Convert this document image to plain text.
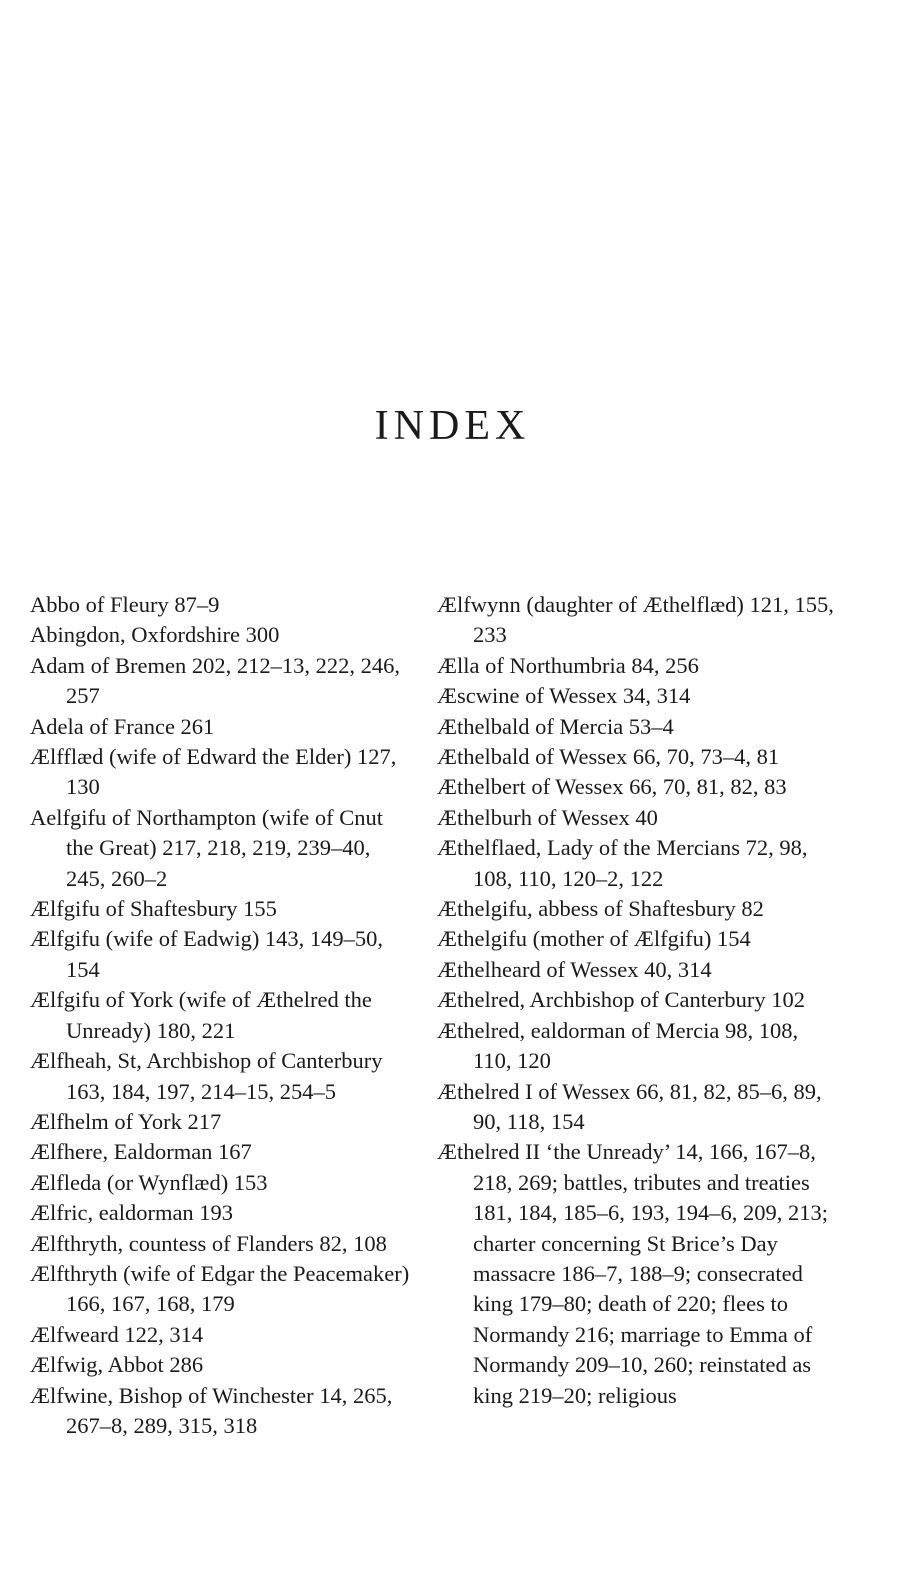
INDEX
Abbo of Fleury 87–9
Abingdon, Oxfordshire 300
Adam of Bremen 202, 212–13, 222, 246, 257
Adela of France 261
Ælfflæd (wife of Edward the Elder) 127, 130
Aelfgifu of Northampton (wife of Cnut the Great) 217, 218, 219, 239–40, 245, 260–2
Ælfgifu of Shaftesbury 155
Ælfgifu (wife of Eadwig) 143, 149–50, 154
Ælfgifu of York (wife of Æthelred the Unready) 180, 221
Ælfheah, St, Archbishop of Canterbury 163, 184, 197, 214–15, 254–5
Ælfhelm of York 217
Ælfhere, Ealdorman 167
Ælfleda (or Wynflæd) 153
Ælfric, ealdorman 193
Ælfthryth, countess of Flanders 82, 108
Ælfthryth (wife of Edgar the Peacemaker) 166, 167, 168, 179
Ælfweard 122, 314
Ælfwig, Abbot 286
Ælfwine, Bishop of Winchester 14, 265, 267–8, 289, 315, 318
Ælfwynn (daughter of Æthelflæd) 121, 155, 233
Ælla of Northumbria 84, 256
Æscwine of Wessex 34, 314
Æthelbald of Mercia 53–4
Æthelbald of Wessex 66, 70, 73–4, 81
Æthelbert of Wessex 66, 70, 81, 82, 83
Æthelburh of Wessex 40
Æthelflaed, Lady of the Mercians 72, 98, 108, 110, 120–2, 122
Æthelgifu, abbess of Shaftesbury 82
Æthelgifu (mother of Ælfgifu) 154
Æthelheard of Wessex 40, 314
Æthelred, Archbishop of Canterbury 102
Æthelred, ealdorman of Mercia 98, 108, 110, 120
Æthelred I of Wessex 66, 81, 82, 85–6, 89, 90, 118, 154
Æthelred II ‘the Unready’ 14, 166, 167–8, 218, 269; battles, tributes and treaties 181, 184, 185–6, 193, 194–6, 209, 213; charter concerning St Brice’s Day massacre 186–7, 188–9; consecrated king 179–80; death of 220; flees to Normandy 216; marriage to Emma of Normandy 209–10, 260; reinstated as king 219–20; religious
